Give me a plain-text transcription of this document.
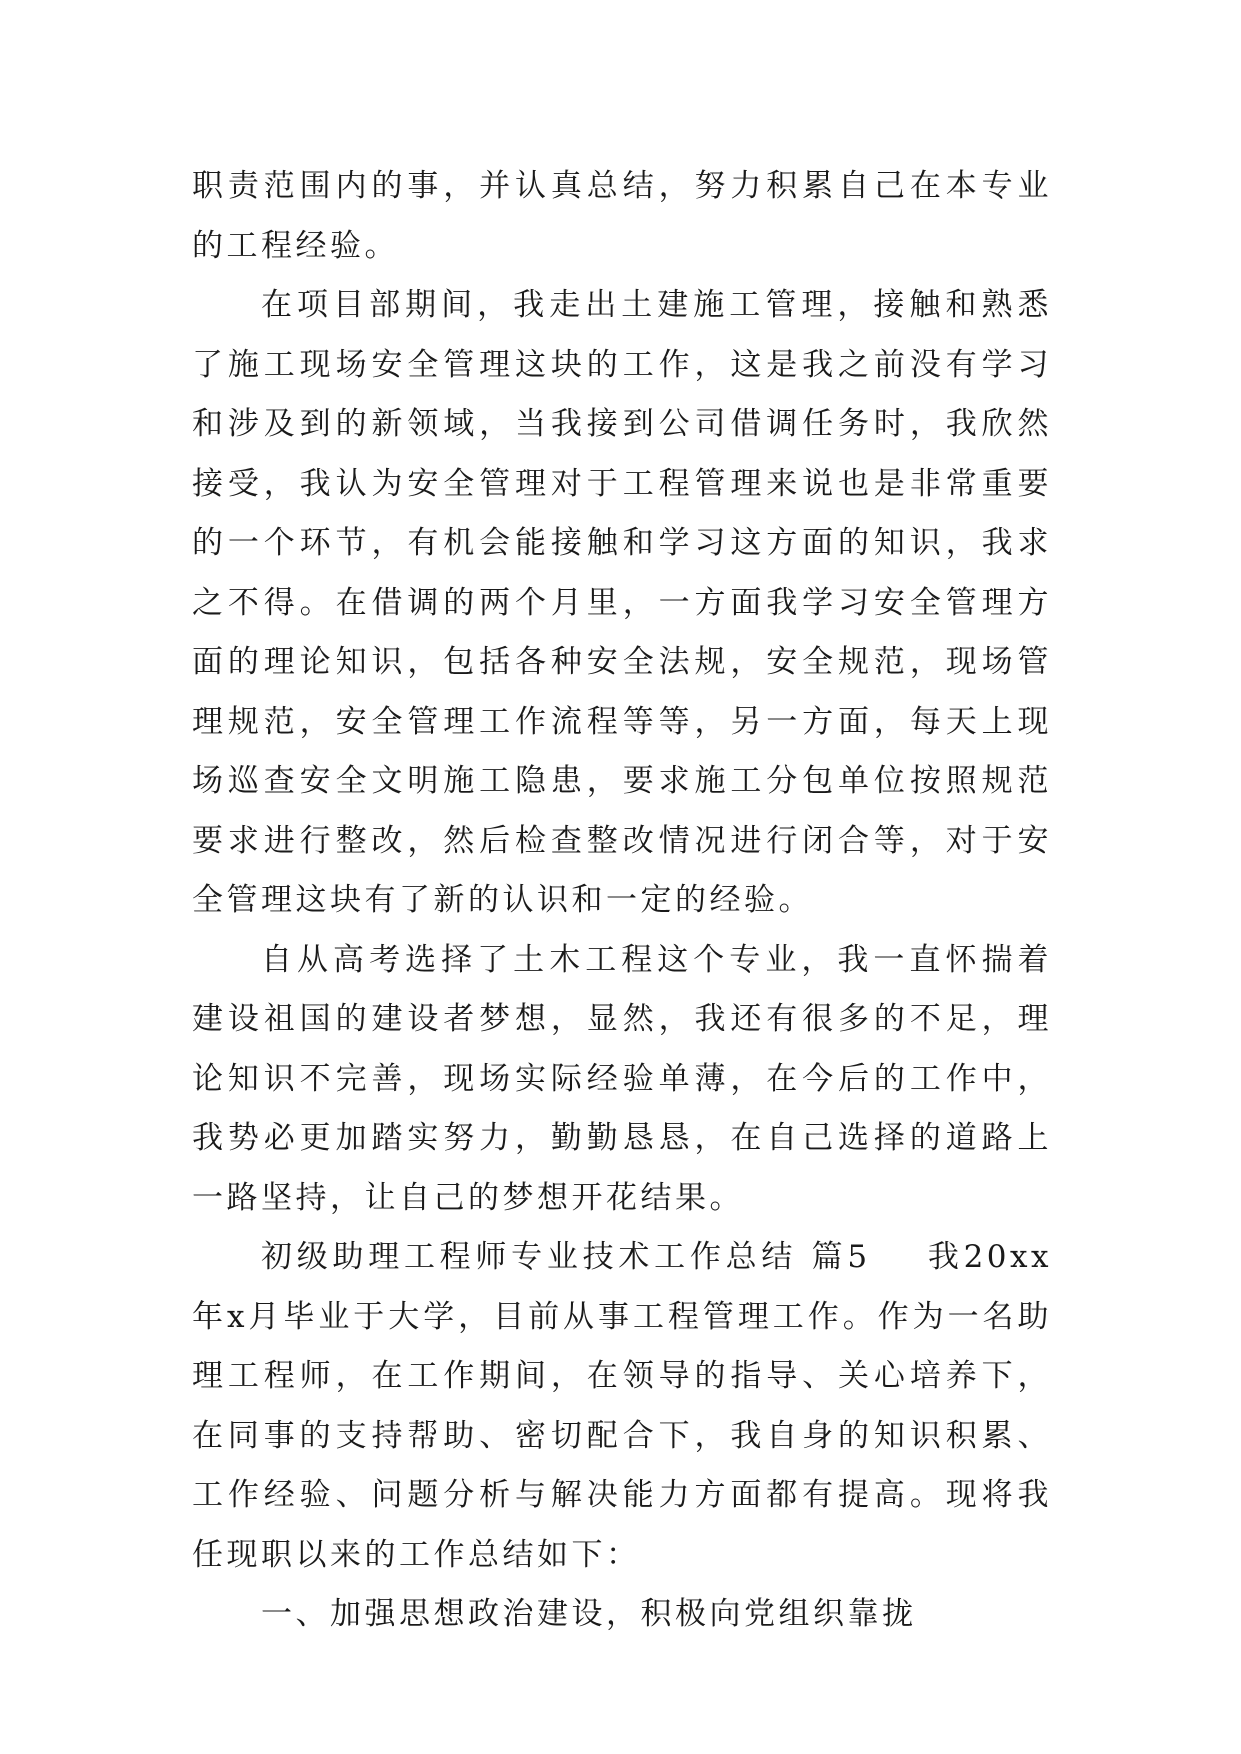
职责范围内的事，并认真总结，努力积累自己在本专业的工程经验。

在项目部期间，我走出土建施工管理，接触和熟悉了施工现场安全管理这块的工作，这是我之前没有学习和涉及到的新领域，当我接到公司借调任务时，我欣然接受，我认为安全管理对于工程管理来说也是非常重要的一个环节，有机会能接触和学习这方面的知识，我求之不得。在借调的两个月里，一方面我学习安全管理方面的理论知识，包括各种安全法规，安全规范，现场管理规范，安全管理工作流程等等，另一方面，每天上现场巡查安全文明施工隐患，要求施工分包单位按照规范要求进行整改，然后检查整改情况进行闭合等，对于安全管理这块有了新的认识和一定的经验。

自从高考选择了土木工程这个专业，我一直怀揣着建设祖国的建设者梦想，显然，我还有很多的不足，理论知识不完善，现场实际经验单薄，在今后的工作中，我势必更加踏实努力，勤勤恳恳，在自己选择的道路上一路坚持，让自己的梦想开花结果。

初级助理工程师专业技术工作总结 篇5 我20xx年x月毕业于大学，目前从事工程管理工作。作为一名助理工程师，在工作期间，在领导的指导、关心培养下，在同事的支持帮助、密切配合下，我自身的知识积累、工作经验、问题分析与解决能力方面都有提高。现将我任现职以来的工作总结如下：

一、加强思想政治建设，积极向党组织靠拢
